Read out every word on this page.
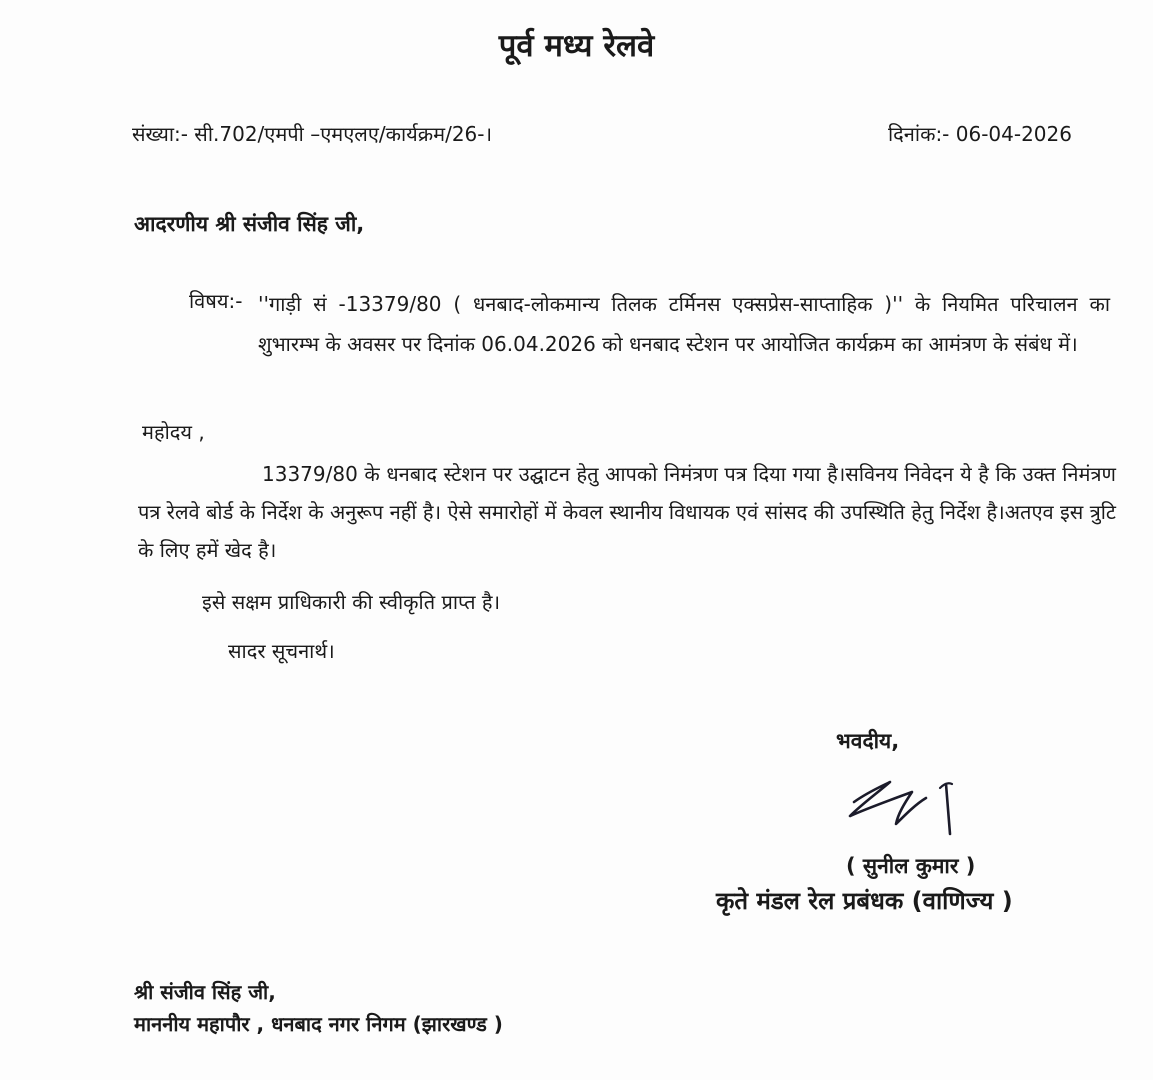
पूर्व मध्य रेलवे
संख्या:- सी.702/एमपी –एमएलए/कार्यक्रम/26-।	दिनांक:- 06-04-2026
आदरणीय श्री संजीव सिंह जी,
विषय:- ''गाड़ी सं -13379/80 ( धनबाद-लोकमान्य तिलक टर्मिनस एक्सप्रेस-साप्ताहिक )'' के नियमित परिचालन का शुभारम्भ के अवसर पर दिनांक 06.04.2026 को धनबाद स्टेशन पर आयोजित कार्यक्रम का आमंत्रण के संबंध में।
महोदय ,
13379/80 के धनबाद स्टेशन पर उद्घाटन हेतु आपको निमंत्रण पत्र दिया गया है।सविनय निवेदन ये है कि उक्त निमंत्रण पत्र रेलवे बोर्ड के निर्देश के अनुरूप नहीं है। ऐसे समारोहों में केवल स्थानीय विधायक एवं सांसद की उपस्थिति हेतु निर्देश है।अतएव इस त्रुटि के लिए हमें खेद है।
इसे सक्षम प्राधिकारी की स्वीकृति प्राप्त है।
सादर सूचनार्थ।
भवदीय,
( सुनील कुमार )
कृते मंडल रेल प्रबंधक (वाणिज्य )
श्री संजीव सिंह जी,
माननीय महापौर , धनबाद नगर निगम (झारखण्ड )
